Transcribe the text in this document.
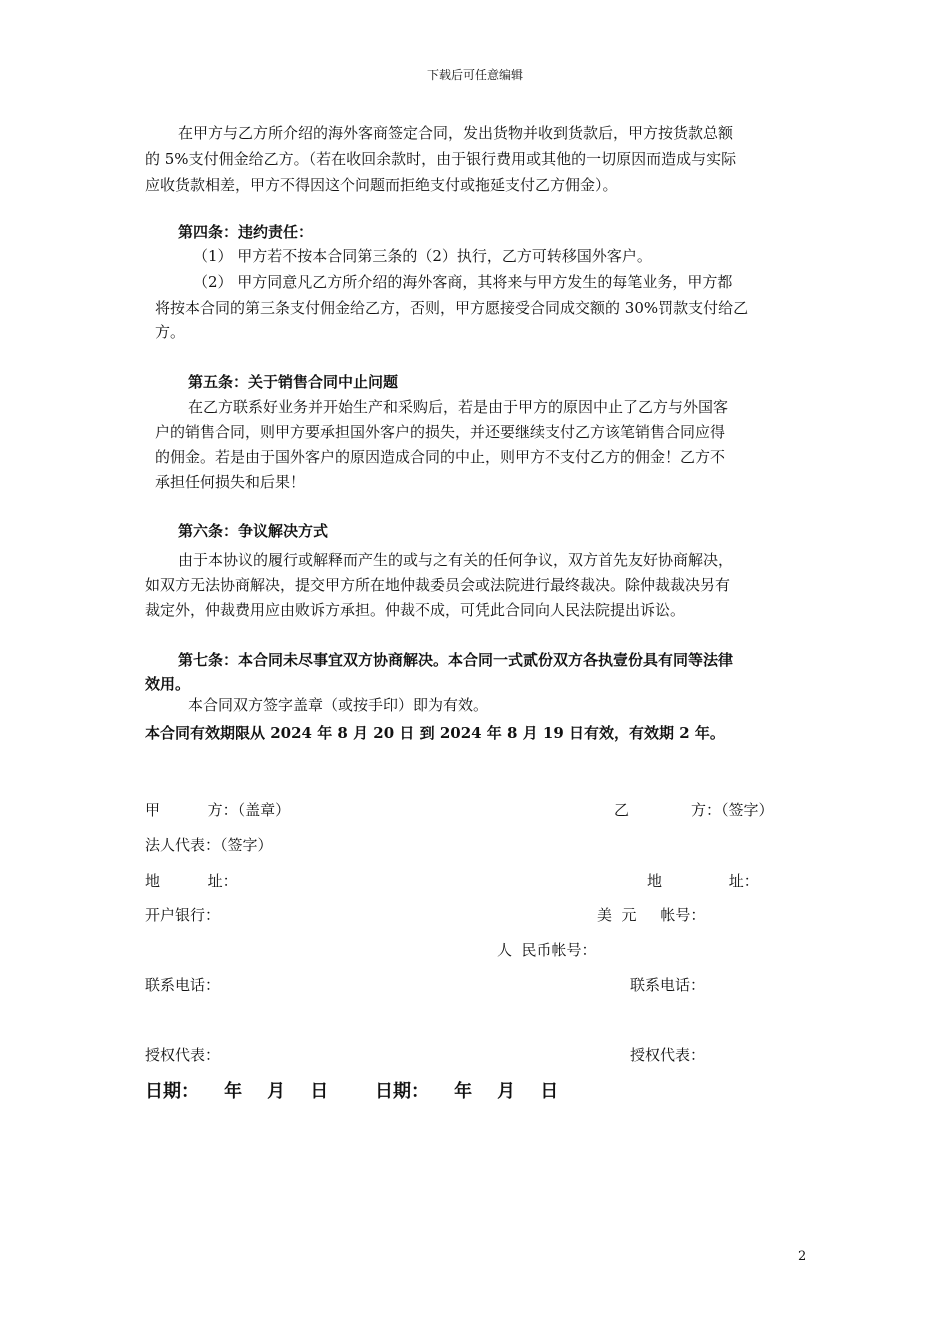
下载后可任意编辑
在甲方与乙方所介绍的海外客商签定合同，发出货物并收到货款后，甲方按货款总额
的 5%支付佣金给乙方。（若在收回余款时，由于银行费用或其他的一切原因而造成与实际
应收货款相差，甲方不得因这个问题而拒绝支付或拖延支付乙方佣金）。
第四条：违约责任：
（1） 甲方若不按本合同第三条的（2）执行，乙方可转移国外客户。
（2） 甲方同意凡乙方所介绍的海外客商，其将来与甲方发生的每笔业务，甲方都
将按本合同的第三条支付佣金给乙方，否则，甲方愿接受合同成交额的 30%罚款支付给乙
方。
第五条：关于销售合同中止问题
在乙方联系好业务并开始生产和采购后，若是由于甲方的原因中止了乙方与外国客
户的销售合同，则甲方要承担国外客户的损失，并还要继续支付乙方该笔销售合同应得
的佣金。若是由于国外客户的原因造成合同的中止，则甲方不支付乙方的佣金！乙方不
承担任何损失和后果！
第六条：争议解决方式
由于本协议的履行或解释而产生的或与之有关的任何争议，双方首先友好协商解决，
如双方无法协商解决，提交甲方所在地仲裁委员会或法院进行最终裁决。除仲裁裁决另有
裁定外，仲裁费用应由败诉方承担。仲裁不成，可凭此合同向人民法院提出诉讼。
第七条：本合同未尽事宜双方协商解决。本合同一式贰份双方各执壹份具有同等法律
效用。
本合同双方签字盖章（或按手印）即为有效。
本合同有效期限从 2024 年 8 月 20 日 到 2024 年 8 月 19 日有效，有效期 2 年。
甲          方：（盖章）	乙             方：（签字）
法人代表：（签字）
地          址：	地              址：
开户银行：	美  元     帐号：
人  民币帐号：
联系电话：	联系电话：
授权代表：	授权代表：
日期：    年    月    日	日期：    年    月    日
2
